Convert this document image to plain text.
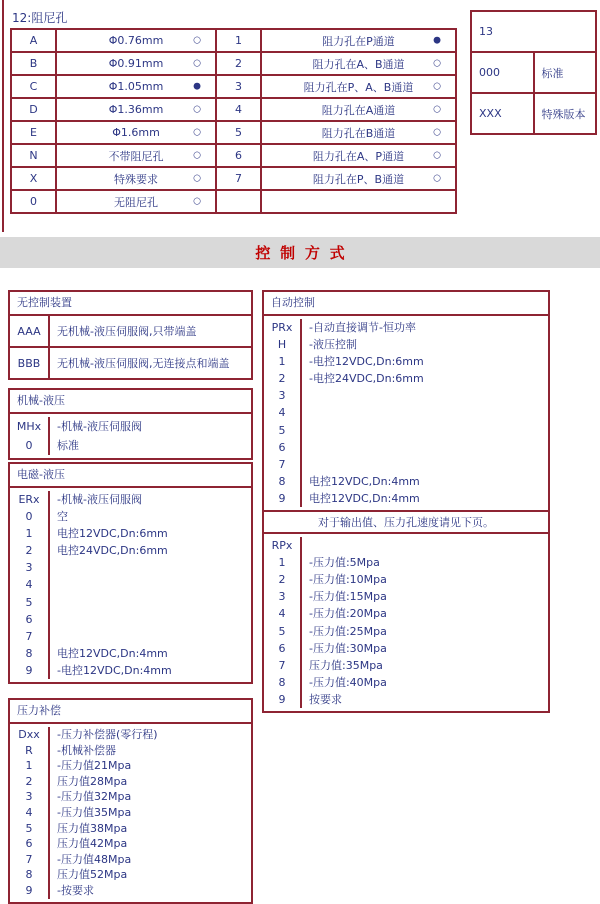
12:阻尼孔
A	Φ0.76mm ○	1	阻力孔在P通道 ●

B	Φ0.91mm ○	2	阻力孔在A、B通道 ○

C	Φ1.05mm ●	3	阻力孔在P、A、B通道 ○

D	Φ1.36mm ○	4	阻力孔在A通道 ○

E	Φ1.6mm ○	5	阻力孔在B通道 ○

N	不带阻尼孔 ○	6	阻力孔在A、P通道 ○

X	特殊要求 ○	7	阻力孔在P、B通道 ○

0	无阻尼孔 ○		

13	
000	标准
XXX	特殊版本
控制方式
无控制装置
AAA	无机械-液压伺服阀,只带端盖
BBB	无机械-液压伺服阀,无连接点和端盖
机械-液压
MHx	-机械-液压伺服阀
0	标准
电磁-液压
ERx	-机械-液压伺服阀
0	空
1	电控12VDC,Dn:6mm
2	电控24VDC,Dn:6mm
3
4
5
6
7
8	电控12VDC,Dn:4mm
9	-电控12VDC,Dn:4mm
压力补偿
Dxx	-压力补偿器(零行程)
R	-机械补偿器
1	-压力值21Mpa
2	压力值28Mpa
3	-压力值32Mpa
4	-压力值35Mpa
5	压力值38Mpa
6	压力值42Mpa
7	-压力值48Mpa
8	压力值52Mpa
9	-按要求
自动控制
PRx	-自动直接调节-恒功率
H	-液压控制
1	-电控12VDC,Dn:6mm
2	-电控24VDC,Dn:6mm
3
4
5
6
7
8	电控12VDC,Dn:4mm
9	电控12VDC,Dn:4mm
对于输出值、压力孔速度请见下页。
RPx
1	-压力值:5Mpa
2	-压力值:10Mpa
3	-压力值:15Mpa
4	-压力值:20Mpa
5	-压力值:25Mpa
6	-压力值:30Mpa
7	压力值:35Mpa
8	-压力值:40Mpa
9	按要求
